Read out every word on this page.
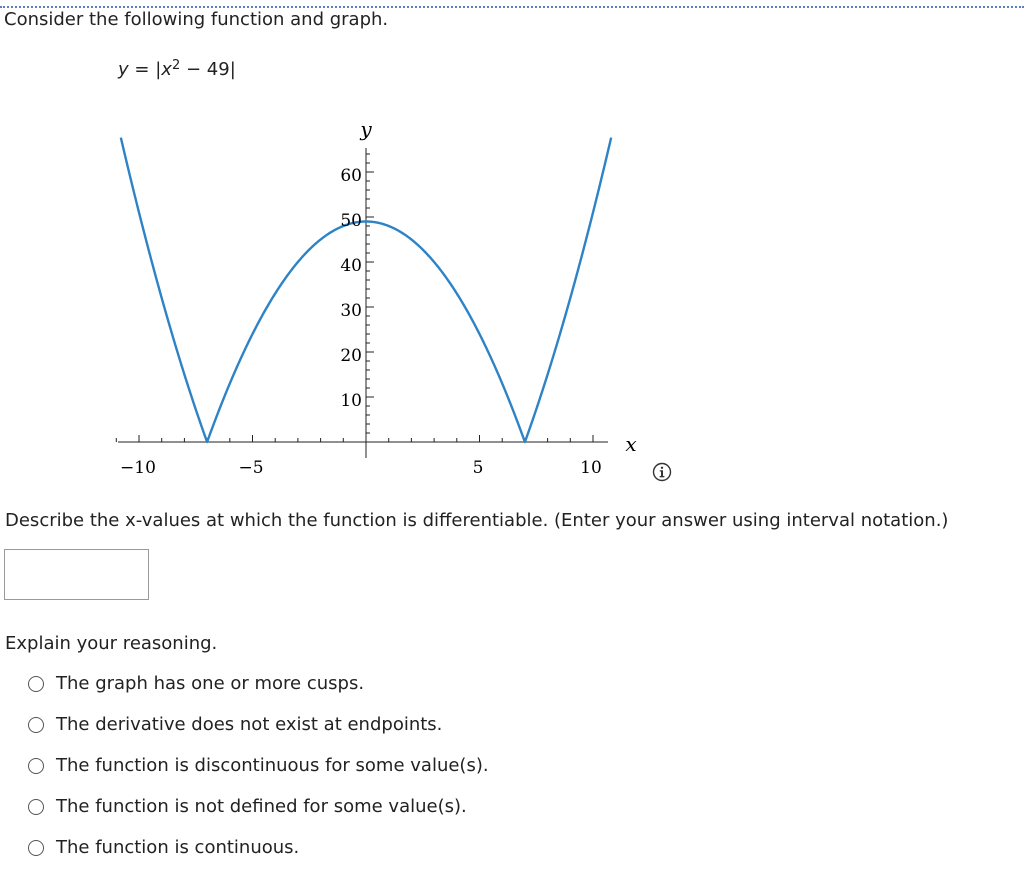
Consider the following function and graph.

$y = |x^2 - 49|$
y
x
60
50
40
30
20
10
−10	−5	5	10

Describe the x-values at which the function is differentiable. (Enter your answer using interval notation.)

Explain your reasoning.

The graph has one or more cusps.
The derivative does not exist at endpoints.
The function is discontinuous for some value(s).
The function is not defined for some value(s).
The function is continuous.
